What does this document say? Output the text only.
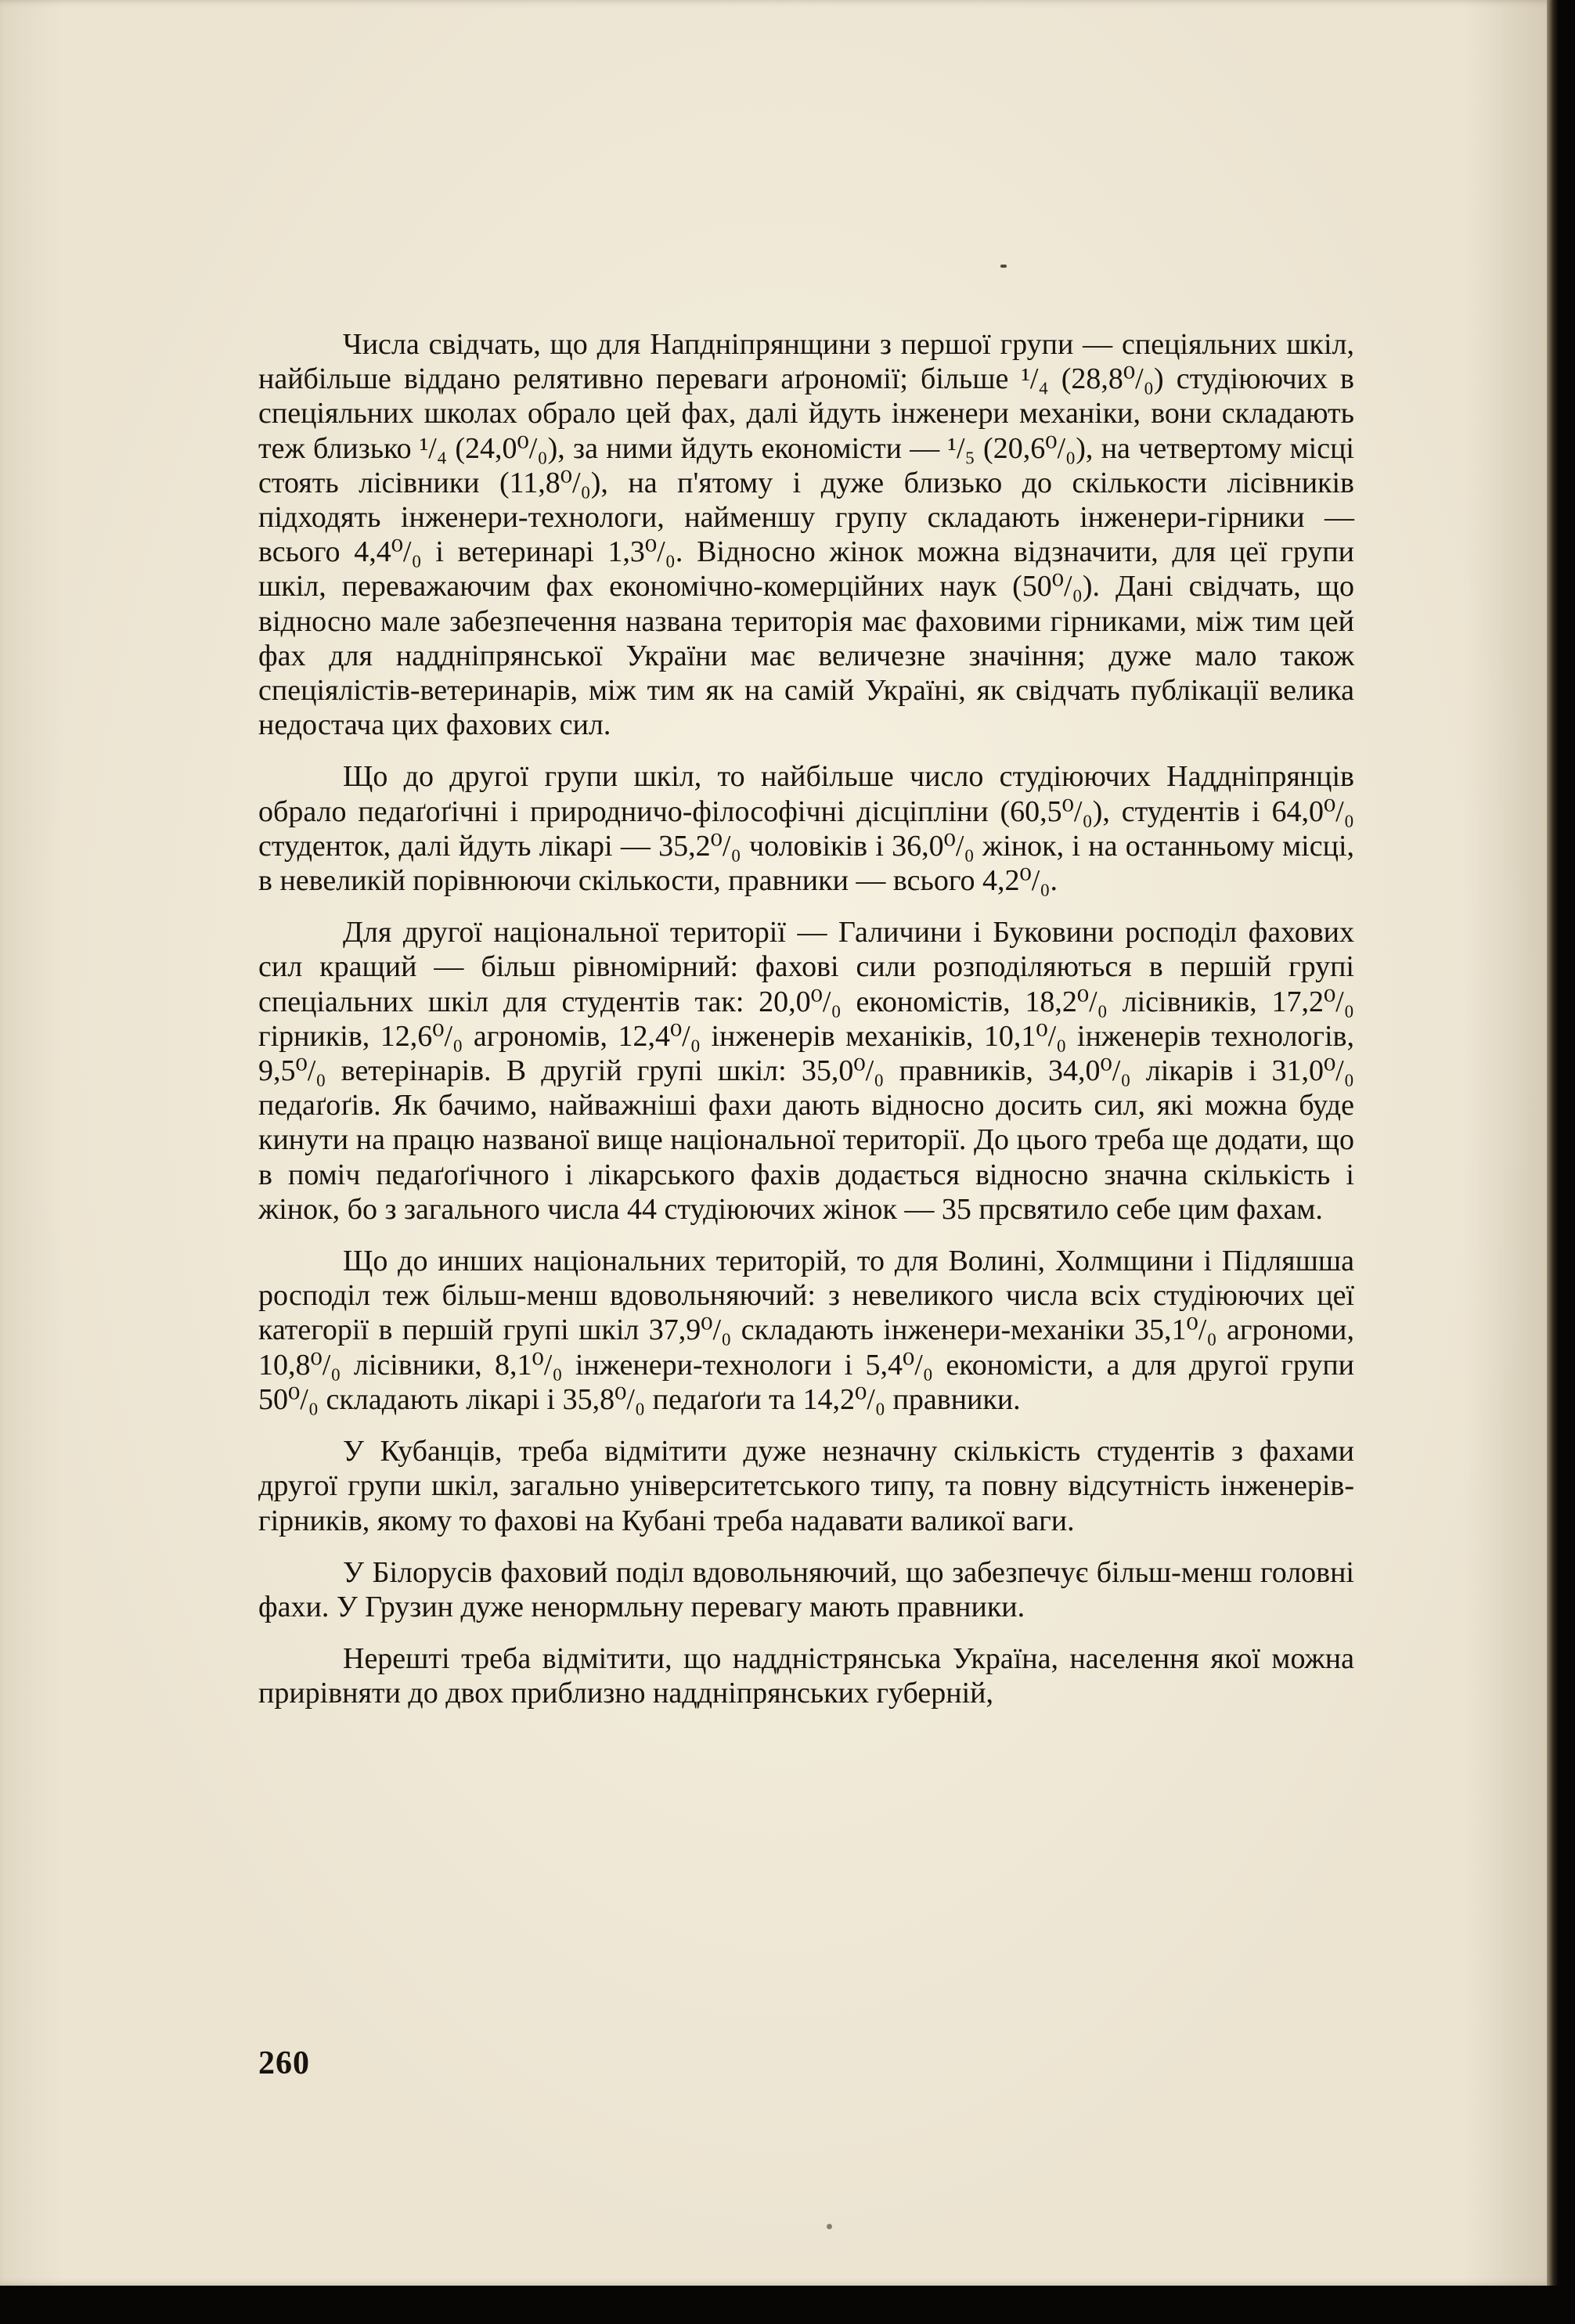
Числа свідчать, що для Напдніпрянщини з першої групи — спеціяльних шкіл, найбільше віддано релятивно переваги аґрономії; більше ¹/₄ (28,8⁰/₀) студіюючих в спеціяльних школах обрало цей фах, далі йдуть інженери механіки, вони складають теж близько ¹/₄ (24,0⁰/₀), за ними йдуть економісти — ¹/₅ (20,6⁰/₀), на четвертому місці стоять лісівники (11,8⁰/₀), на п'ятому і дуже близько до скількости лісівників підходять інженери-технологи, найменшу групу складають інженери-гірники — всього 4,4⁰/₀ і ветеринарі 1,3⁰/₀. Відносно жінок можна відзначити, для цеї групи шкіл, переважаючим фах економічно-комерційних наук (50⁰/₀). Дані свідчать, що відносно мале забезпечення названа територія має фаховими гірниками, між тим цей фах для наддніпрянської України має величезне значіння; дуже мало також спеціялістів-ветеринарів, між тим як на самій Україні, як свідчать публікації велика недостача цих фахових сил.

Що до другої групи шкіл, то найбільше число студіюючих Наддніпрянців обрало педаґоґічні і природничо-філософічні дісціпліни (60,5⁰/₀), студентів і 64,0⁰/₀ студенток, далі йдуть лікарі — 35,2⁰/₀ чоловіків і 36,0⁰/₀ жінок, і на останньому місці, в невеликій порівнюючи скількости, правники — всього 4,2⁰/₀.

Для другої національної території — Галичини і Буковини росподіл фахових сил кращий — більш рівномірний: фахові сили розподіляються в першій групі спеціальних шкіл для студентів так: 20,0⁰/₀ економістів, 18,2⁰/₀ лісівників, 17,2⁰/₀ гірників, 12,6⁰/₀ агрономів, 12,4⁰/₀ інженерів механіків, 10,1⁰/₀ інженерів технологів, 9,5⁰/₀ ветерінарів. В другій групі шкіл: 35,0⁰/₀ правників, 34,0⁰/₀ лікарів і 31,0⁰/₀ педаґоґів. Як бачимо, найважніші фахи дають відносно досить сил, які можна буде кинути на працю названої вище національної території. До цього треба ще додати, що в поміч педаґоґічного і лікарського фахів додається відносно значна скількість і жінок, бо з загального числа 44 студіюючих жінок — 35 прсвятило себе цим фахам.

Що до инших національних територій, то для Волині, Холмщини і Підляшша росподіл теж більш-менш вдовольняючий: з невеликого числа всіх студіюючих цеї категорії в першій групі шкіл 37,9⁰/₀ складають інженери-механіки 35,1⁰/₀ агрономи, 10,8⁰/₀ лісівники, 8,1⁰/₀ інженери-технологи і 5,4⁰/₀ економісти, а для другої групи 50⁰/₀ складають лікарі і 35,8⁰/₀ педаґоґи та 14,2⁰/₀ правники.

У Кубанців, треба відмітити дуже незначну скількість студентів з фахами другої групи шкіл, загально університетського типу, та повну відсутність інженерів-гірників, якому то фахові на Кубані треба надавати валикої ваги.

У Білорусів фаховий поділ вдовольняючий, що забезпечує більш-менш головні фахи. У Грузин дуже ненормльну перевагу мають правники.

Нерешті треба відмітити, що наддністрянська Україна, населення якої можна прирівняти до двох приблизно наддніпрянських губерній,

260
